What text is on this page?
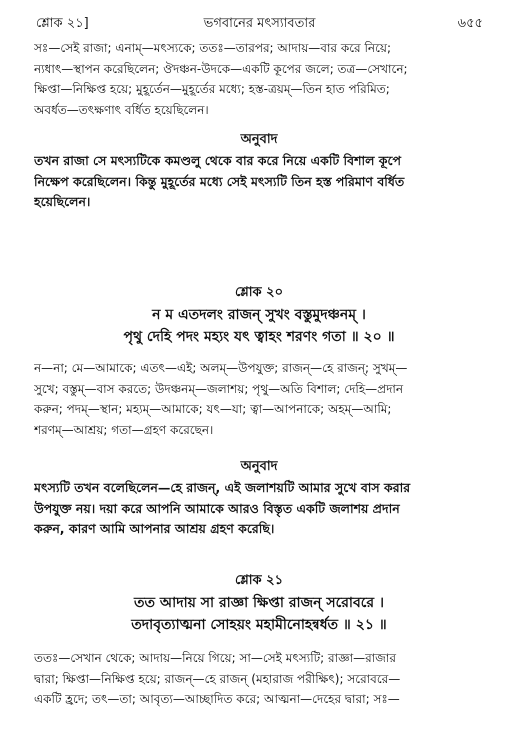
শ্লোক ২১]	ভগবানের মৎস্যাবতার	৬৫৫
সঃ—সেই রাজা; এনাম্—মৎস্যকে; ততঃ—তারপর; আদায়—বার করে নিয়ে;
ন্যধাৎ—স্থাপন করেছিলেন; ঔদঞ্চন-উদকে—একটি কূপের জলে; তত্র—সেখানে;
ক্ষিপ্তা—নিক্ষিপ্ত হয়ে; মুহূর্তেন—মুহূর্তের মধ্যে; হস্ত-ত্রয়ম্—তিন হাত পরিমিত;
অবর্ধত—তৎক্ষণাৎ বর্ধিত হয়েছিলেন।
অনুবাদ
তখন রাজা সে মৎস্যটিকে কমণ্ডলু থেকে বার করে নিয়ে একটি বিশাল কূপে
নিক্ষেপ করেছিলেন। কিন্তু মুহূর্তের মধ্যে সেই মৎস্যটি তিন হস্ত পরিমাণ বর্ধিত
হয়েছিলেন।
শ্লোক ২০
ন ম এতদলং রাজন্ সুখং বস্তুমুদঞ্চনম্ ।
পৃথু দেহি পদং মহ্যং যৎ ত্বাহং শরণং গতা ॥ ২০ ॥
ন—না; মে—আমাকে; এতৎ—এই; অলম্—উপযুক্ত; রাজন্—হে রাজন্; সুখম্—
সুখে; বস্তুম্—বাস করতে; উদঞ্চনম্—জলাশয়; পৃথু—অতি বিশাল; দেহি—প্রদান
করুন; পদম্—স্থান; মহ্যম্—আমাকে; যৎ—যা; ত্বা—আপনাকে; অহম্—আমি;
শরণম্—আশ্রয়; গতা—গ্রহণ করেছেন।
অনুবাদ
মৎস্যটি তখন বলেছিলেন—হে রাজন্, এই জলাশয়টি আমার সুখে বাস করার
উপযুক্ত নয়। দয়া করে আপনি আমাকে আরও বিস্তৃত একটি জলাশয় প্রদান
করুন, কারণ আমি আপনার আশ্রয় গ্রহণ করেছি।
শ্লোক ২১
তত আদায় সা রাজ্ঞা ক্ষিপ্তা রাজন্ সরোবরে ।
তদাবৃত্যাত্মনা সোহয়ং মহামীনোহন্বৰ্ধত ॥ ২১ ॥
ততঃ—সেখান থেকে; আদায়—নিয়ে গিয়ে; সা—সেই মৎস্যটি; রাজ্ঞা—রাজার
দ্বারা; ক্ষিপ্তা—নিক্ষিপ্ত হয়ে; রাজন্—হে রাজন্ (মহারাজ পরীক্ষিৎ); সরোবরে—
একটি হ্রদে; তৎ—তা; আবৃত্য—আচ্ছাদিত করে; আত্মনা—দেহের দ্বারা; সঃ—
